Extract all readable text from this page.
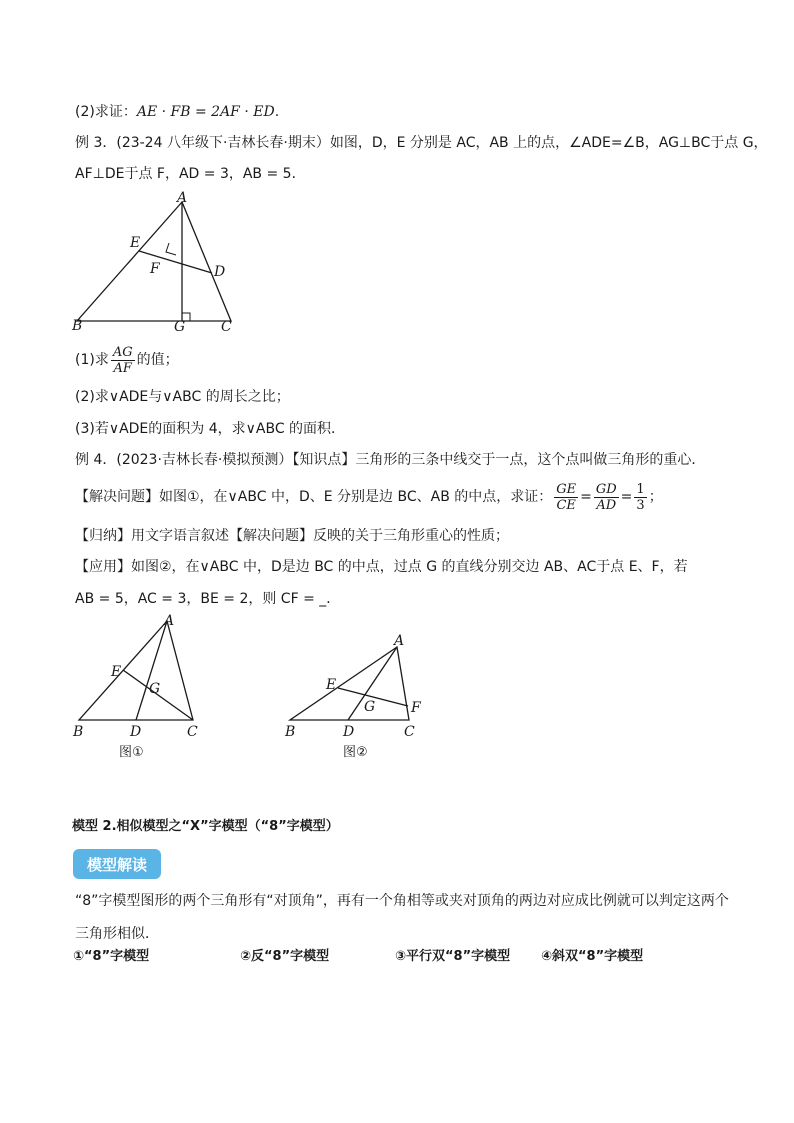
(2)求证：AE · FB = 2AF · ED.
例 3．(23-24 八年级下·吉林长春·期末）如图，D，E 分别是 AC，AB 上的点，∠ADE=∠B，AG⊥BC于点 G，
AF⊥DE于点 F，AD = 3，AB = 5．
A
E
F	D
B	G	C
(1)求 $\frac{AG}{AF}$ 的值；
(2)求∨ADE与∨ABC 的周长之比；
(3)若∨ADE的面积为 4，求∨ABC 的面积．
例 4．(2023·吉林长春·模拟预测）【知识点】三角形的三条中线交于一点，这个点叫做三角形的重心．
【解决问题】如图①，在∨ABC 中，D、E 分别是边 BC、AB 的中点，求证： $\frac{GE}{CE} = \frac{GD}{AD} = \frac{1}{3}$ ；
【归纳】用文字语言叙述【解决问题】反映的关于三角形重心的性质；
【应用】如图②，在∨ABC 中，D是边 BC 的中点，过点 G 的直线分别交边 AB、AC于点 E、F，若
AB = 5，AC = 3，BE = 2，则 CF = _．
A
E
G
B	D	C
图①
A
E
G	F
B	D	C
图②
模型 2.相似模型之“X”字模型（“8”字模型）
模型解读
“8”字模型图形的两个三角形有“对顶角”，再有一个角相等或夹对顶角的两边对应成比例就可以判定这两个
三角形相似．
①“8”字模型	②反“8”字模型	③平行双“8”字模型 ④斜双“8”字模型
